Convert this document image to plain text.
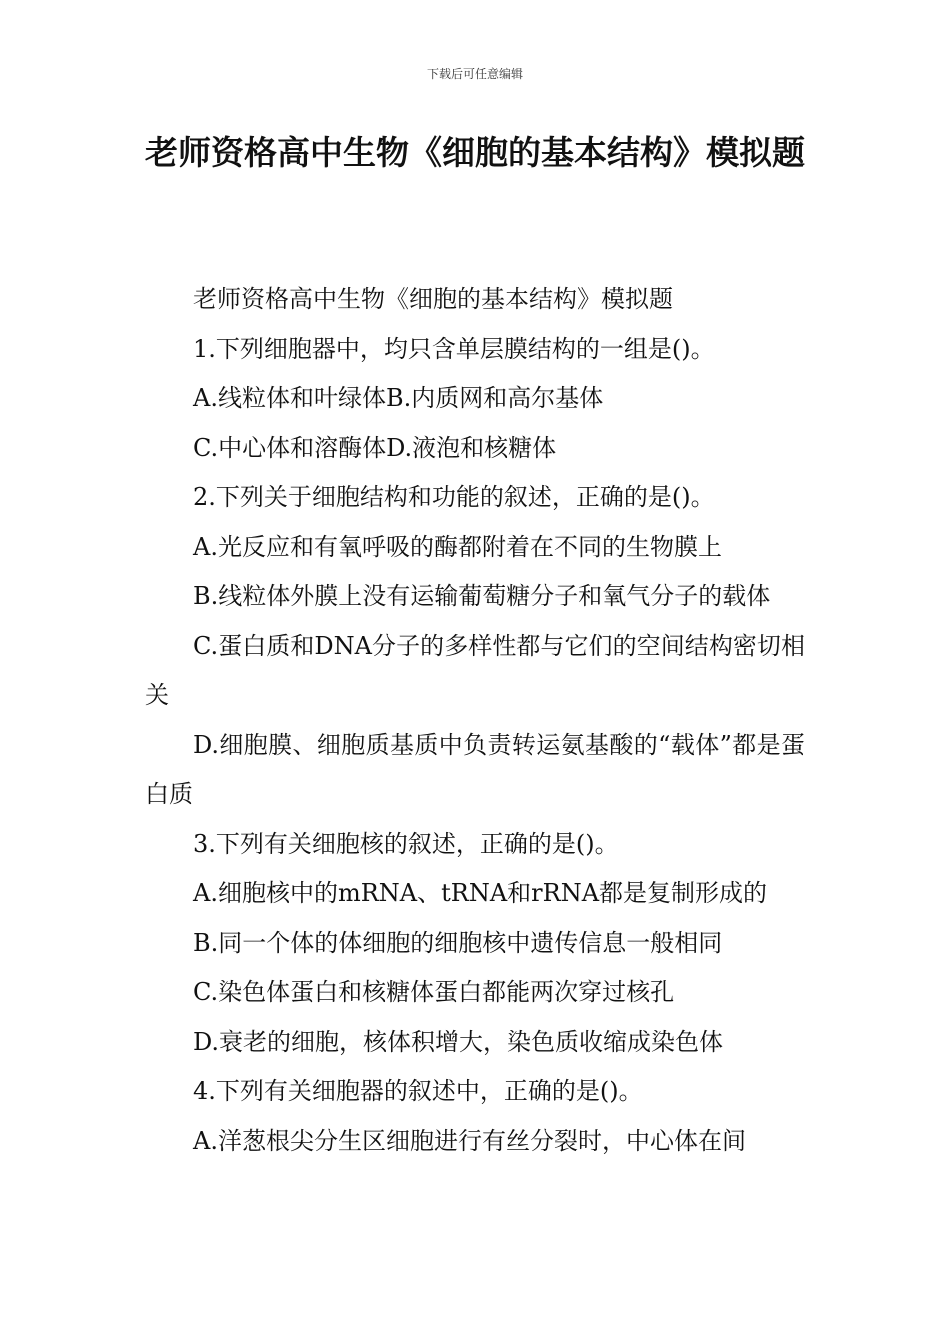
下载后可任意编辑
老师资格高中生物《细胞的基本结构》模拟题

老师资格高中生物《细胞的基本结构》模拟题

1.下列细胞器中，均只含单层膜结构的一组是()。

A.线粒体和叶绿体B.内质网和高尔基体

C.中心体和溶酶体D.液泡和核糖体

2.下列关于细胞结构和功能的叙述，正确的是()。

A.光反应和有氧呼吸的酶都附着在不同的生物膜上

B.线粒体外膜上没有运输葡萄糖分子和氧气分子的载体

C.蛋白质和DNA分子的多样性都与它们的空间结构密切相关

D.细胞膜、细胞质基质中负责转运氨基酸的“载体”都是蛋白质

3.下列有关细胞核的叙述，正确的是()。

A.细胞核中的mRNA、tRNA和rRNA都是复制形成的

B.同一个体的体细胞的细胞核中遗传信息一般相同

C.染色体蛋白和核糖体蛋白都能两次穿过核孔

D.衰老的细胞，核体积增大，染色质收缩成染色体

4.下列有关细胞器的叙述中，正确的是()。

A.洋葱根尖分生区细胞进行有丝分裂时，中心体在间
